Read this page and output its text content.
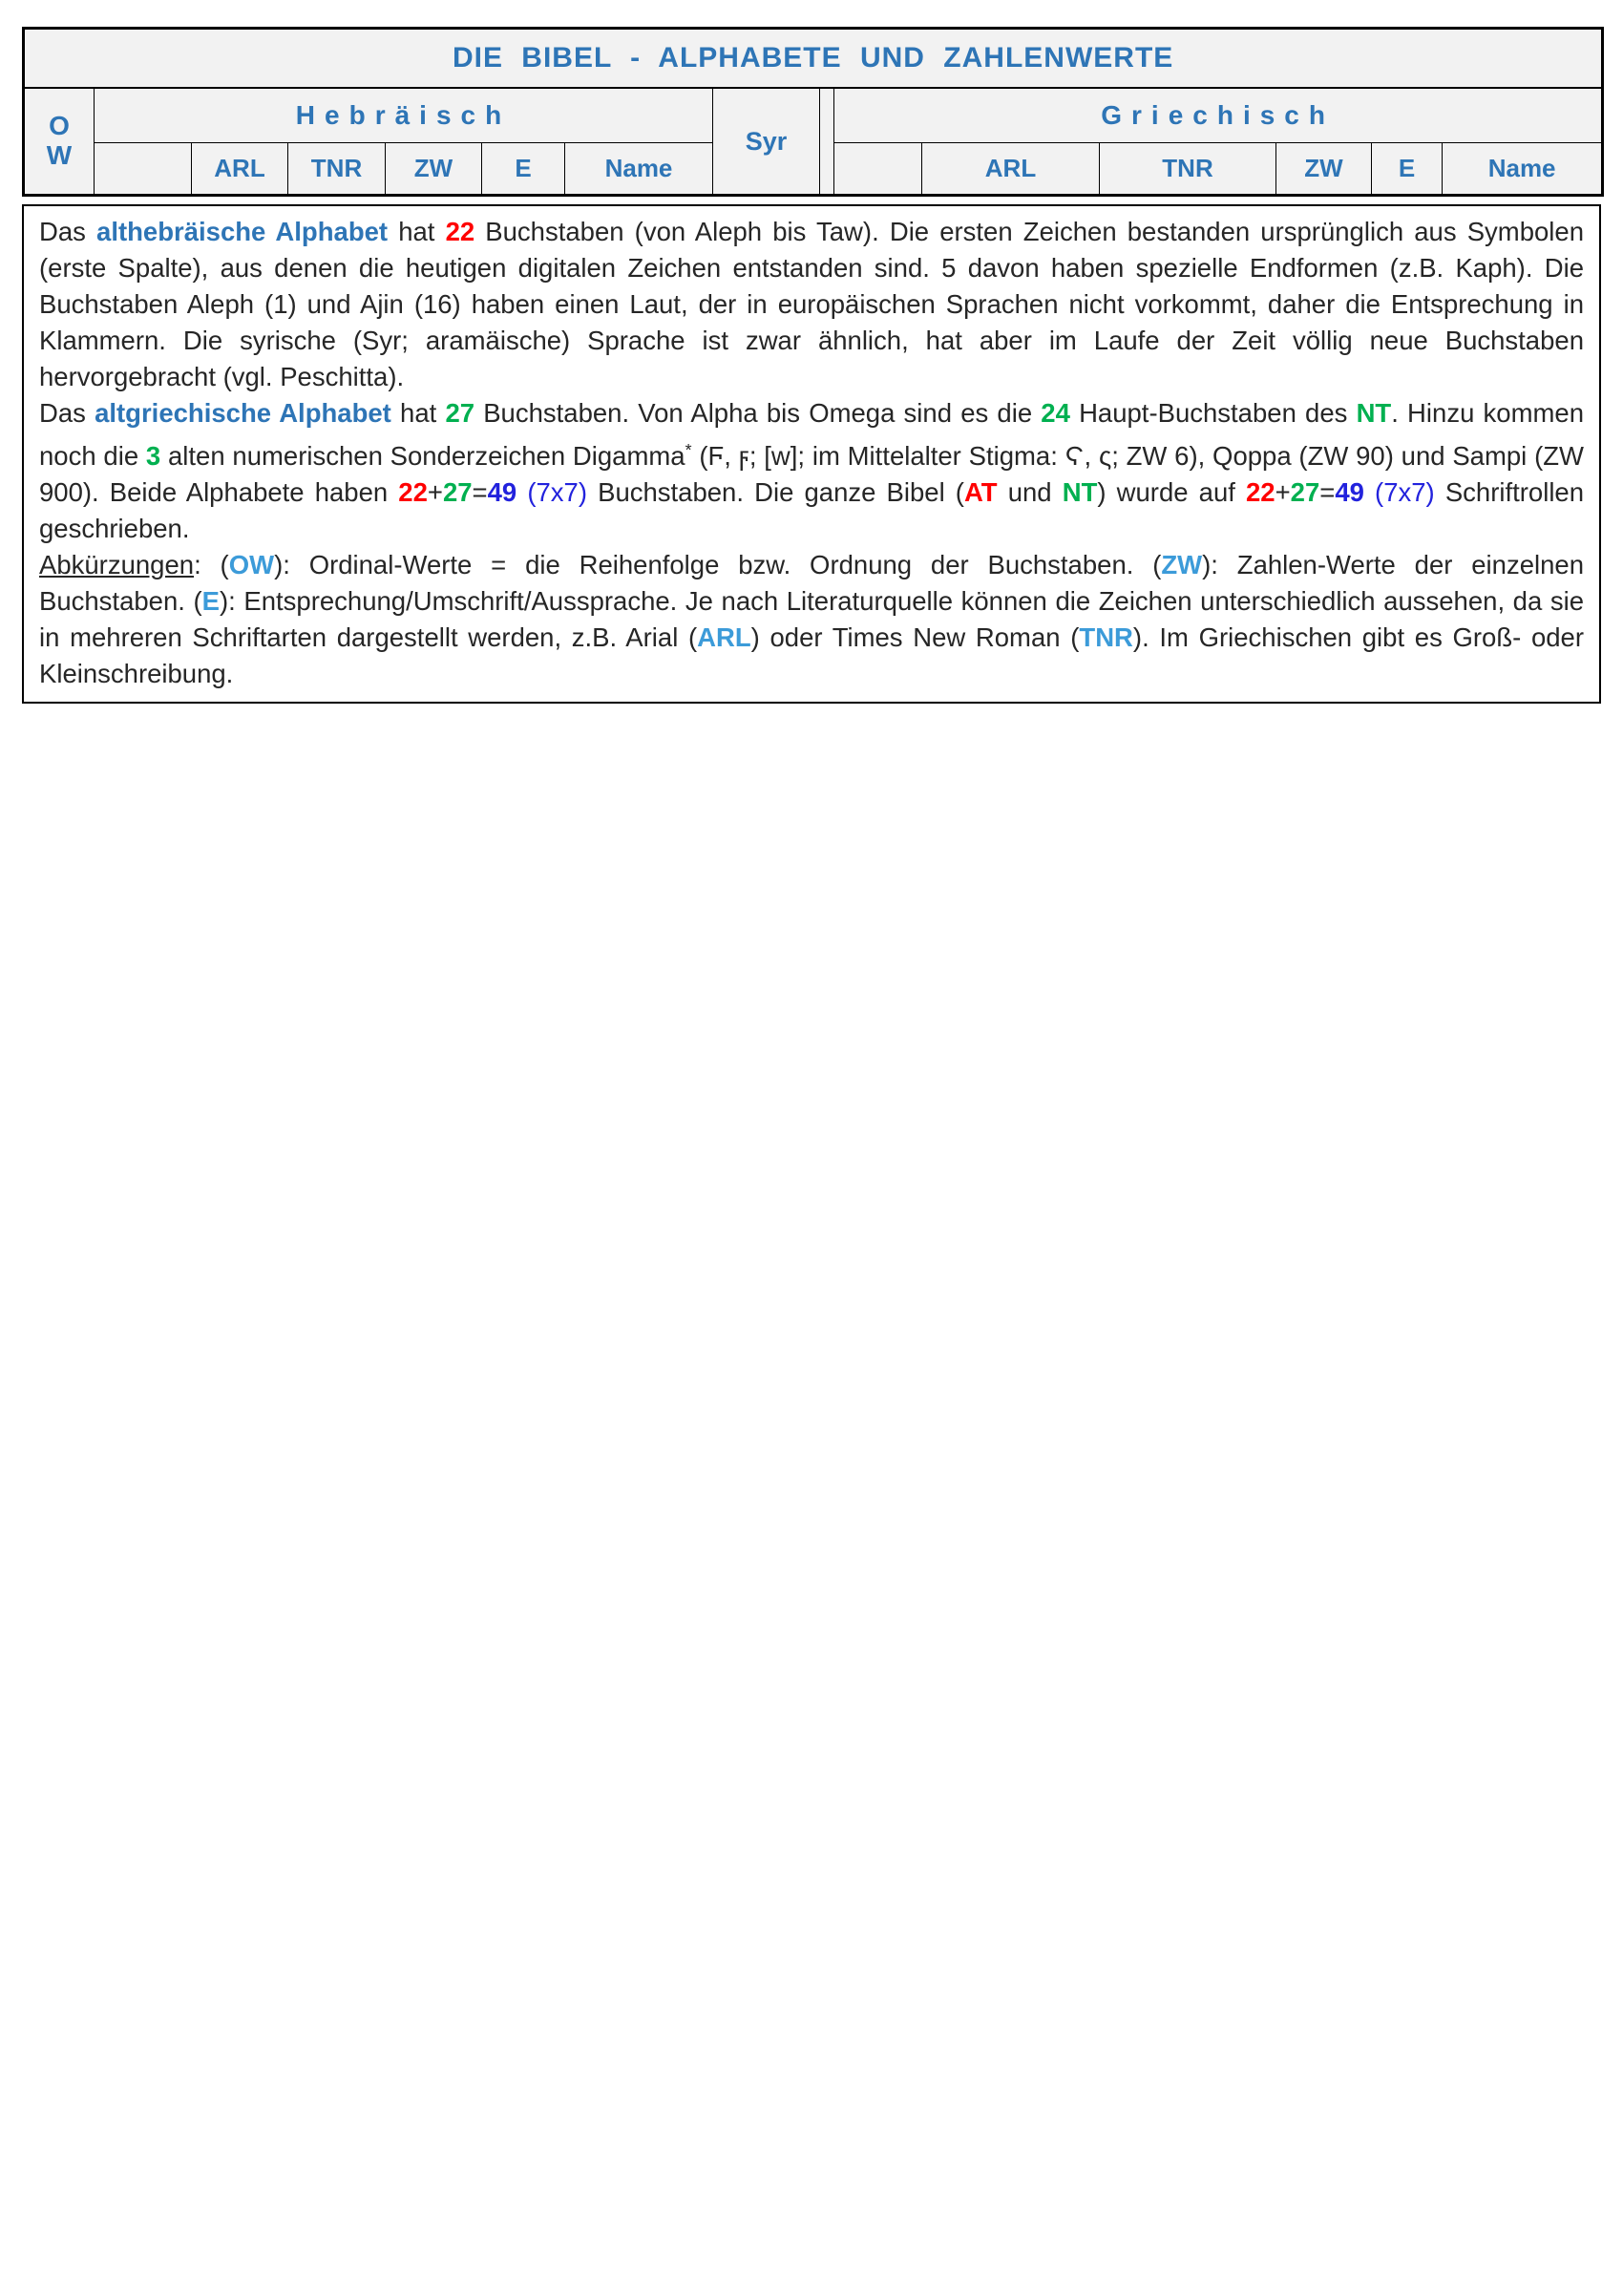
DIE BIBEL - ALPHABETE UND ZAHLENWERTE														

O
W	Hebräisch						Syr		Griechisch					
		ARL	TNR	ZW	E	Name				ARL	TNR	ZW	E	Name

Das althebräische Alphabet hat 22 Buchstaben (von Aleph bis Taw). Die ersten Zeichen bestanden ursprünglich aus Symbolen (erste Spalte), aus denen die heutigen digitalen Zeichen entstanden sind. 5 davon haben spezielle Endformen (z.B. Kaph). Die Buchstaben Aleph (1) und Ajin (16) haben einen Laut, der in europäischen Sprachen nicht vorkommt, daher die Entsprechung in Klammern. Die syrische (Syr; aramäische) Sprache ist zwar ähnlich, hat aber im Laufe der Zeit völlig neue Buchstaben hervorgebracht (vgl. Peschitta).

Das altgriechische Alphabet hat 27 Buchstaben. Von Alpha bis Omega sind es die 24 Haupt-Buchstaben des NT. Hinzu kommen noch die 3 alten numerischen Sonderzeichen Digamma* (Ϝ, ϝ; [w]; im Mittelalter Stigma: Ϛ, ς; ZW 6), Qoppa (ZW 90) und Sampi (ZW 900). Beide Alphabete haben 22+27=49 (7x7) Buchstaben. Die ganze Bibel (AT und NT) wurde auf 22+27=49 (7x7) Schriftrollen geschrieben.

Abkürzungen: (OW): Ordinal-Werte = die Reihenfolge bzw. Ordnung der Buchstaben. (ZW): Zahlen-Werte der einzelnen Buchstaben. (E): Entsprechung/Umschrift/Aussprache. Je nach Literaturquelle können die Zeichen unterschiedlich aussehen, da sie in mehreren Schriftarten dargestellt werden, z.B. Arial (ARL) oder Times New Roman (TNR). Im Griechischen gibt es Groß- oder Kleinschreibung.
